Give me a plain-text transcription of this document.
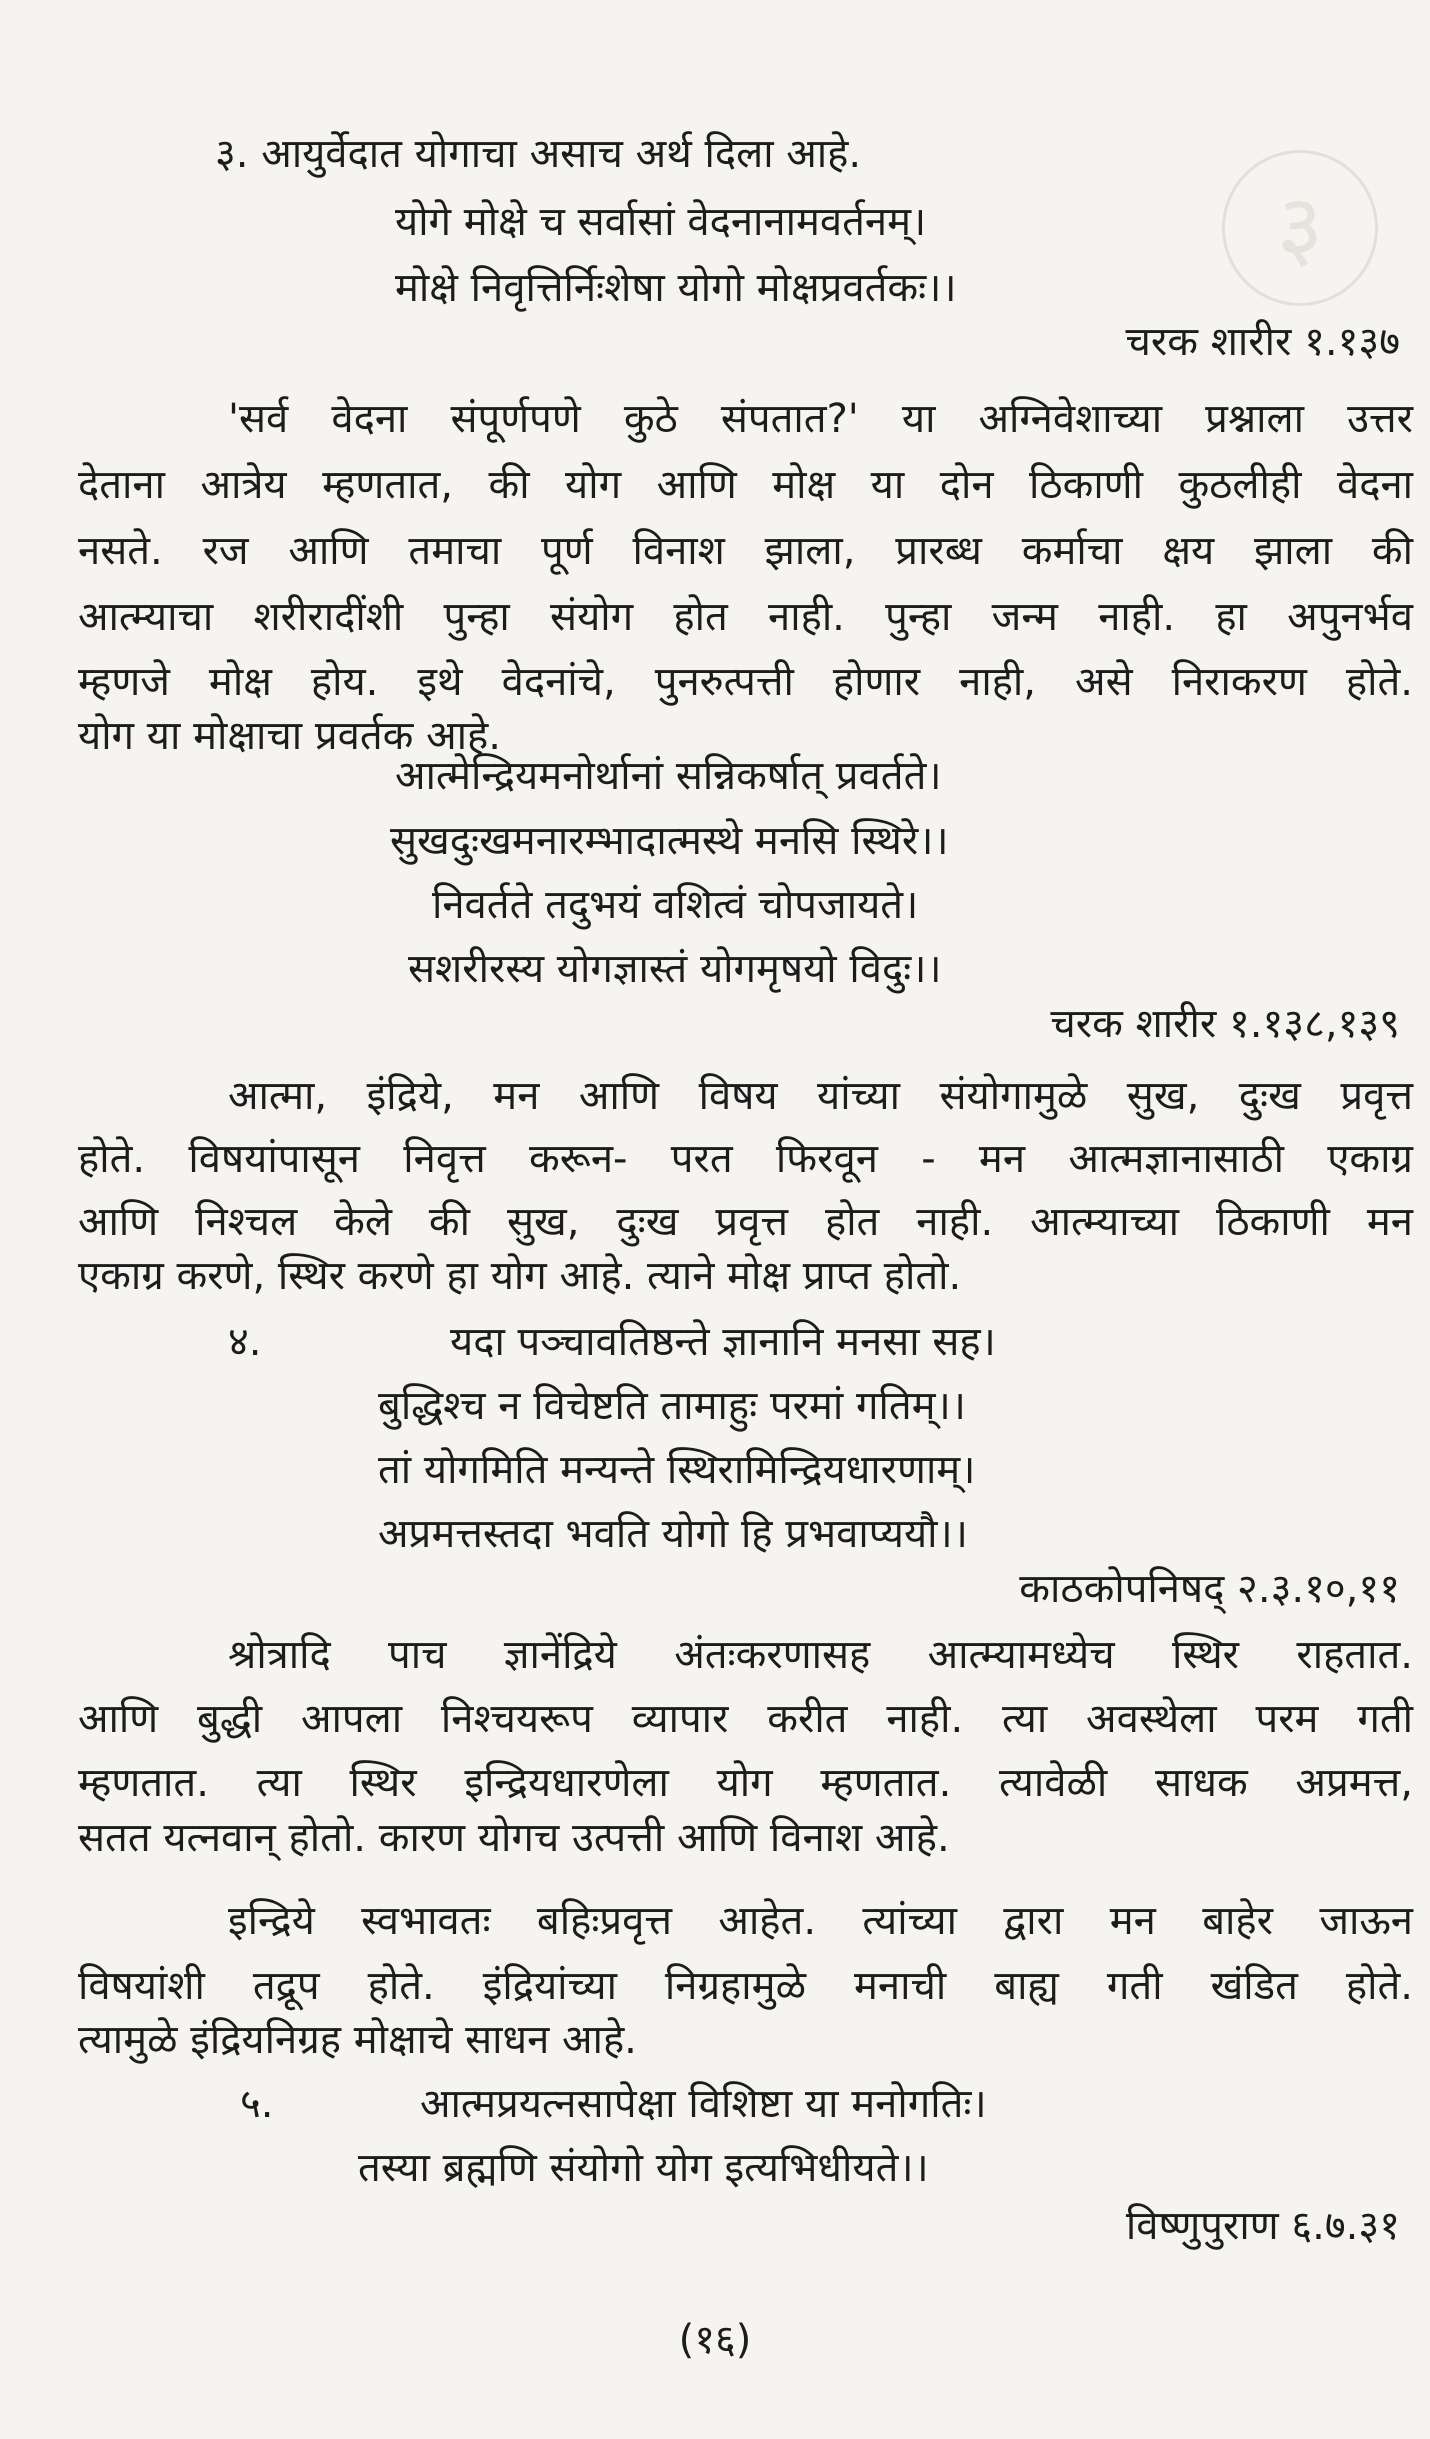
३
३. आयुर्वेदात योगाचा असाच अर्थ दिला आहे.
योगे मोक्षे च सर्वासां वेदनानामवर्तनम्।
मोक्षे निवृत्तिर्निःशेषा योगो मोक्षप्रवर्तकः।।
चरक शारीर १.१३७
'सर्व वेदना संपूर्णपणे कुठे संपतात?' या अग्निवेशाच्या प्रश्नाला उत्तर
देताना आत्रेय म्हणतात, की योग आणि मोक्ष या दोन ठिकाणी कुठलीही वेदना
नसते. रज आणि तमाचा पूर्ण विनाश झाला, प्रारब्ध कर्माचा क्षय झाला की
आत्म्याचा शरीरादींशी पुन्हा संयोग होत नाही. पुन्हा जन्म नाही. हा अपुनर्भव
म्हणजे मोक्ष होय. इथे वेदनांचे, पुनरुत्पत्ती होणार नाही, असे निराकरण होते.
योग या मोक्षाचा प्रवर्तक आहे.
आत्मेन्द्रियमनोर्थानां सन्निकर्षात् प्रवर्तते।
सुखदुःखमनारम्भादात्मस्थे मनसि स्थिरे।।
निवर्तते तदुभयं वशित्वं चोपजायते।
सशरीरस्य योगज्ञास्तं योगमृषयो विदुः।।
चरक शारीर १.१३८,१३९
आत्मा, इंद्रिये, मन आणि विषय यांच्या संयोगामुळे सुख, दुःख प्रवृत्त
होते. विषयांपासून निवृत्त करून- परत फिरवून - मन आत्मज्ञानासाठी एकाग्र
आणि निश्चल केले की सुख, दुःख प्रवृत्त होत नाही. आत्म्याच्या ठिकाणी मन
एकाग्र करणे, स्थिर करणे हा योग आहे. त्याने मोक्ष प्राप्त होतो.
४.	यदा पञ्चावतिष्ठन्ते ज्ञानानि मनसा सह।
बुद्धिश्च न विचेष्टति तामाहुः परमां गतिम्।।
तां योगमिति मन्यन्ते स्थिरामिन्द्रियधारणाम्।
अप्रमत्तस्तदा भवति योगो हि प्रभवाप्ययौ।।
काठकोपनिषद् २.३.१०,११
श्रोत्रादि पाच ज्ञानेंद्रिये अंतःकरणासह आत्म्यामध्येच स्थिर राहतात.
आणि बुद्धी आपला निश्चयरूप व्यापार करीत नाही. त्या अवस्थेला परम गती
म्हणतात. त्या स्थिर इन्द्रियधारणेला योग म्हणतात. त्यावेळी साधक अप्रमत्त,
सतत यत्नवान् होतो. कारण योगच उत्पत्ती आणि विनाश आहे.
इन्द्रिये स्वभावतः बहिःप्रवृत्त आहेत. त्यांच्या द्वारा मन बाहेर जाऊन
विषयांशी तद्रूप होते. इंद्रियांच्या निग्रहामुळे मनाची बाह्य गती खंडित होते.
त्यामुळे इंद्रियनिग्रह मोक्षाचे साधन आहे.
५.	आत्मप्रयत्नसापेक्षा विशिष्टा या मनोगतिः।
तस्या ब्रह्मणि संयोगो योग इत्यभिधीयते।।
विष्णुपुराण ६.७.३१
(१६)
